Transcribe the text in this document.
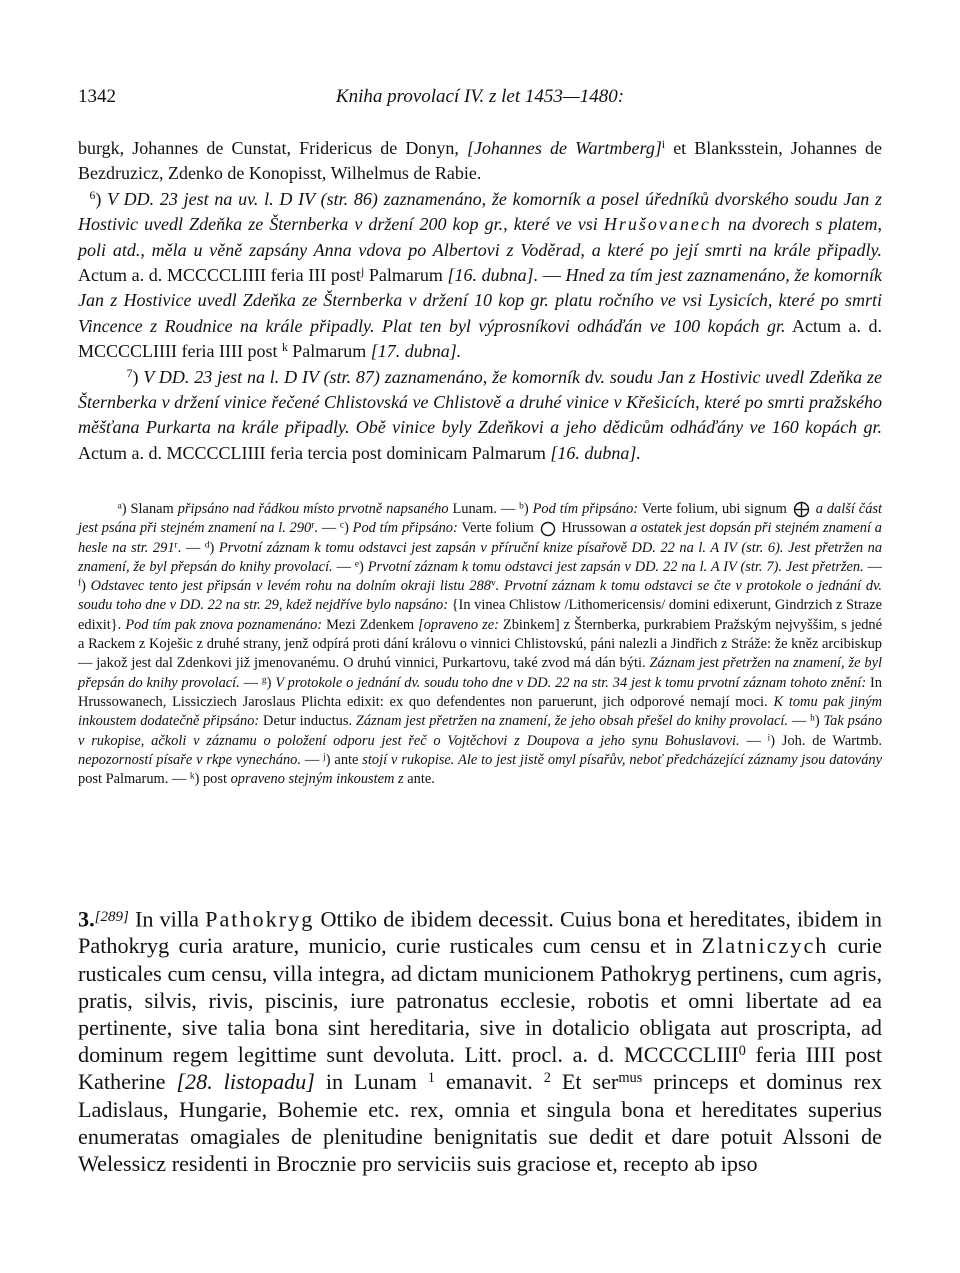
1342	Kniha provolací IV. z let 1453—1480:

burgk, Johannes de Cunstat, Fridericus de Donyn, [Johannes de Wartmberg]$^i$ et Blanksstein, Johannes de Bezdruzicz, Zdenko de Konopisst, Wilhelmus de Rabie.

$^6$) V DD. 23 jest na uv. l. D IV (str. 86) zaznamenáno, že komorník a posel úředníků dvorského soudu Jan z Hostivic uvedl Zdeňka ze Šternberka v držení 200 kop gr., které ve vsi Hrušovanech na dvorech s platem, poli atd., měla u věně zapsány Anna vdova po Albertovi z Voděrad, a které po její smrti na krále připadly. Actum a. d. MCCCCLIIII feria III post$^j$ Palmarum [16. dubna]. — Hned za tím jest zaznamenáno, že komorník Jan z Hostivice uvedl Zdeňka ze Šternberka v držení 10 kop gr. platu ročního ve vsi Lysicích, které po smrti Vincence z Roudnice na krále připadly. Plat ten byl výprosníkovi odháďán ve 100 kopách gr. Actum a. d. MCCCCLIIII feria IIII post $^k$ Palmarum [17. dubna].

$^7$) V DD. 23 jest na l. D IV (str. 87) zaznamenáno, že komorník dv. soudu Jan z Hostivic uvedl Zdeňka ze Šternberka v držení vinice řečené Chlistovská ve Chlistově a druhé vinice v Křešicích, které po smrti pražského měšťana Purkarta na krále připadly. Obě vinice byly Zdeňkovi a jeho dědicům odháďány ve 160 kopách gr. Actum a. d. MCCCCLIIII feria tercia post dominicam Palmarum [16. dubna].

$^a$) Slanam připsáno nad řádkou místo prvotně napsaného Lunam. — $^b$) Pod tím připsáno: Verte folium, ubi signum
a další část jest psána při stejném znamení na l. 290$^r$. — $^c$) Pod tím připsáno: Verte folium
Hrussowan a ostatek jest dopsán při stejném znamení a hesle na str. 291$^r$. — $^d$) Prvotní záznam k tomu odstavci jest zapsán v příruční knize písařově DD. 22 na l. A IV (str. 6). Jest přetržen na znamení, že byl přepsán do knihy provolací. — $^e$) Prvotní záznam k tomu odstavci jest zapsán v DD. 22 na l. A IV (str. 7). Jest přetržen. — $^f$) Odstavec tento jest připsán v levém rohu na dolním okraji listu 288$^v$. Prvotní záznam k tomu odstavci se čte v protokole o jednání dv. soudu toho dne v DD. 22 na str. 29, kdež nejdříve bylo napsáno: {In vinea Chlistow /Lithomericensis/ domini edixerunt, Gindrzich z Straze edixit}. Pod tím pak znova poznamenáno: Mezi Zdenkem [opraveno ze: Zbinkem] z Šternberka, purkrabiem Pražským nejvyššim, s jedné a Rackem z Koješic z druhé strany, jenž odpírá proti dání královu o vinnici Chlistovskú, páni nalezli a Jindřich z Stráže: že kněz arcibiskup — jakož jest dal Zdenkovi již jmenovanému. O druhú vinnici, Purkartovu, také zvod má dán býti. Záznam jest přetržen na znamení, že byl přepsán do knihy provolací. — $^g$) V protokole o jednání dv. soudu toho dne v DD. 22 na str. 34 jest k tomu prvotní záznam tohoto znění: In Hrussowanech, Lissicziech Jaroslaus Plichta edixit: ex quo defendentes non paruerunt, jich odporové nemají moci. K tomu pak jiným inkoustem dodatečně připsáno: Detur inductus. Záznam jest přetržen na znamení, že jeho obsah přešel do knihy provolací. — $^h$) Tak psáno v rukopise, ačkoli v záznamu o položení odporu jest řeč o Vojtěchovi z Doupova a jeho synu Bohuslavovi. — $^i$) Joh. de Wartmb. nepozorností písaře v rkpe vynecháno. — $^j$) ante stojí v rukopise. Ale to jest jistě omyl písařův, neboť předcházející záznamy jsou datovány post Palmarum. — $^k$) post opraveno stejným inkoustem z ante.

3.[289] In villa Pathokryg Ottiko de ibidem decessit. Cuius bona et hereditates, ibidem in Pathokryg curia arature, municio, curie rusticales cum censu et in Zlatniczych curie rusticales cum censu, villa integra, ad dictam municionem Pathokryg pertinens, cum agris, pratis, silvis, rivis, piscinis, iure patronatus ecclesie, robotis et omni libertate ad ea pertinente, sive talia bona sint hereditaria, sive in dotalicio obligata aut proscripta, ad dominum regem legittime sunt devoluta. Litt. procl. a. d. MCCCCLIII$^0$ feria IIII post Katherine [28. listopadu] in Lunam $^1$ emanavit. $^2$ Et ser$^{mus}$ princeps et dominus rex Ladislaus, Hungarie, Bohemie etc. rex, omnia et singula bona et hereditates superius enumeratas omagiales de plenitudine benignitatis sue dedit et dare potuit Alssoni de Welessicz residenti in Brocznie pro serviciis suis graciose et, recepto ab ipso
